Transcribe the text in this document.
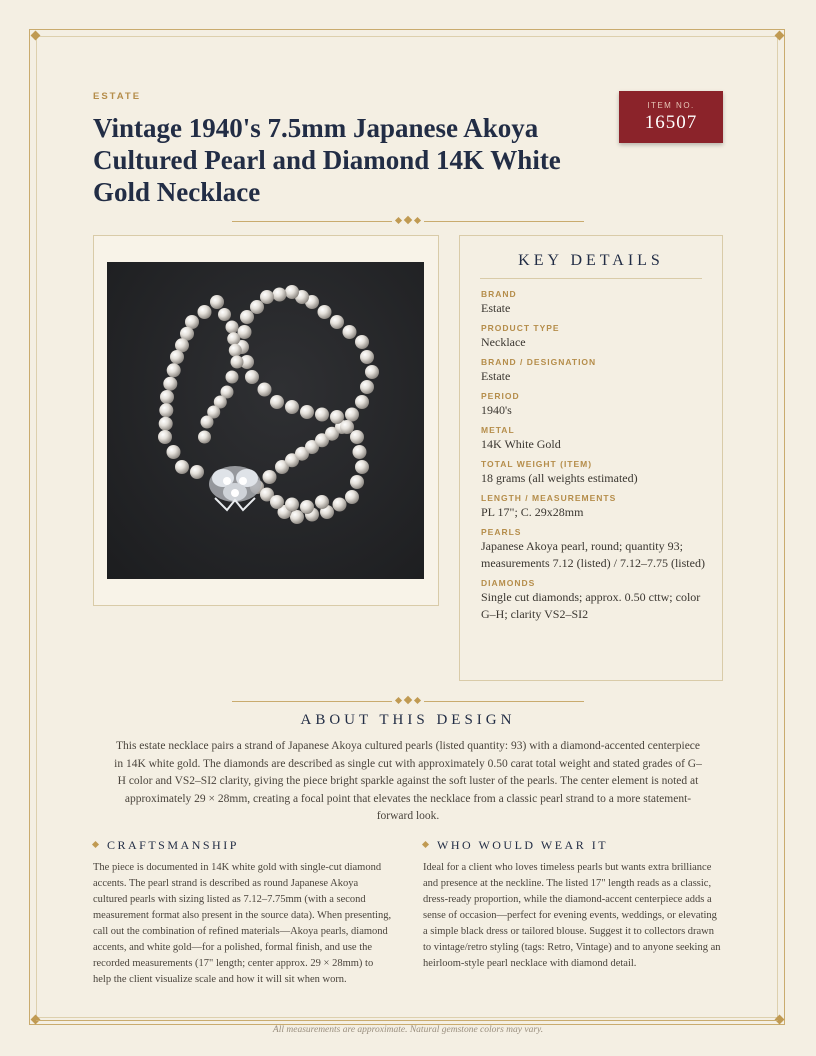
ESTATE
Vintage 1940's 7.5mm Japanese Akoya Cultured Pearl and Diamond 14K White Gold Necklace
ITEM NO.
16507
KEY DETAILS
BRAND
Estate
PRODUCT TYPE
Necklace
BRAND / DESIGNATION
Estate
PERIOD
1940's
METAL
14K White Gold
TOTAL WEIGHT (ITEM)
18 grams (all weights estimated)
LENGTH / MEASUREMENTS
PL 17"; C. 29x28mm
PEARLS
Japanese Akoya pearl, round; quantity 93; measurements 7.12 (listed) / 7.12–7.75 (listed)
DIAMONDS
Single cut diamonds; approx. 0.50 cttw; color G–H; clarity VS2–SI2
ABOUT THIS DESIGN
This estate necklace pairs a strand of Japanese Akoya cultured pearls (listed quantity: 93) with a diamond-accented centerpiece in 14K white gold. The diamonds are described as single cut with approximately 0.50 carat total weight and stated grades of G–H color and VS2–SI2 clarity, giving the piece bright sparkle against the soft luster of the pearls. The center element is noted at approximately 29 × 28mm, creating a focal point that elevates the necklace from a classic pearl strand to a more statement-forward look.
CRAFTSMANSHIP
The piece is documented in 14K white gold with single-cut diamond accents. The pearl strand is described as round Japanese Akoya cultured pearls with sizing listed as 7.12–7.75mm (with a second measurement format also present in the source data). When presenting, call out the combination of refined materials—Akoya pearls, diamond accents, and white gold—for a polished, formal finish, and use the recorded measurements (17" length; center approx. 29 × 28mm) to help the client visualize scale and how it will sit when worn.
WHO WOULD WEAR IT
Ideal for a client who loves timeless pearls but wants extra brilliance and presence at the neckline. The listed 17" length reads as a classic, dress-ready proportion, while the diamond-accent centerpiece adds a sense of occasion—perfect for evening events, weddings, or elevating a simple black dress or tailored blouse. Suggest it to collectors drawn to vintage/retro styling (tags: Retro, Vintage) and to anyone seeking an heirloom-style pearl necklace with diamond detail.
All measurements are approximate. Natural gemstone colors may vary.
